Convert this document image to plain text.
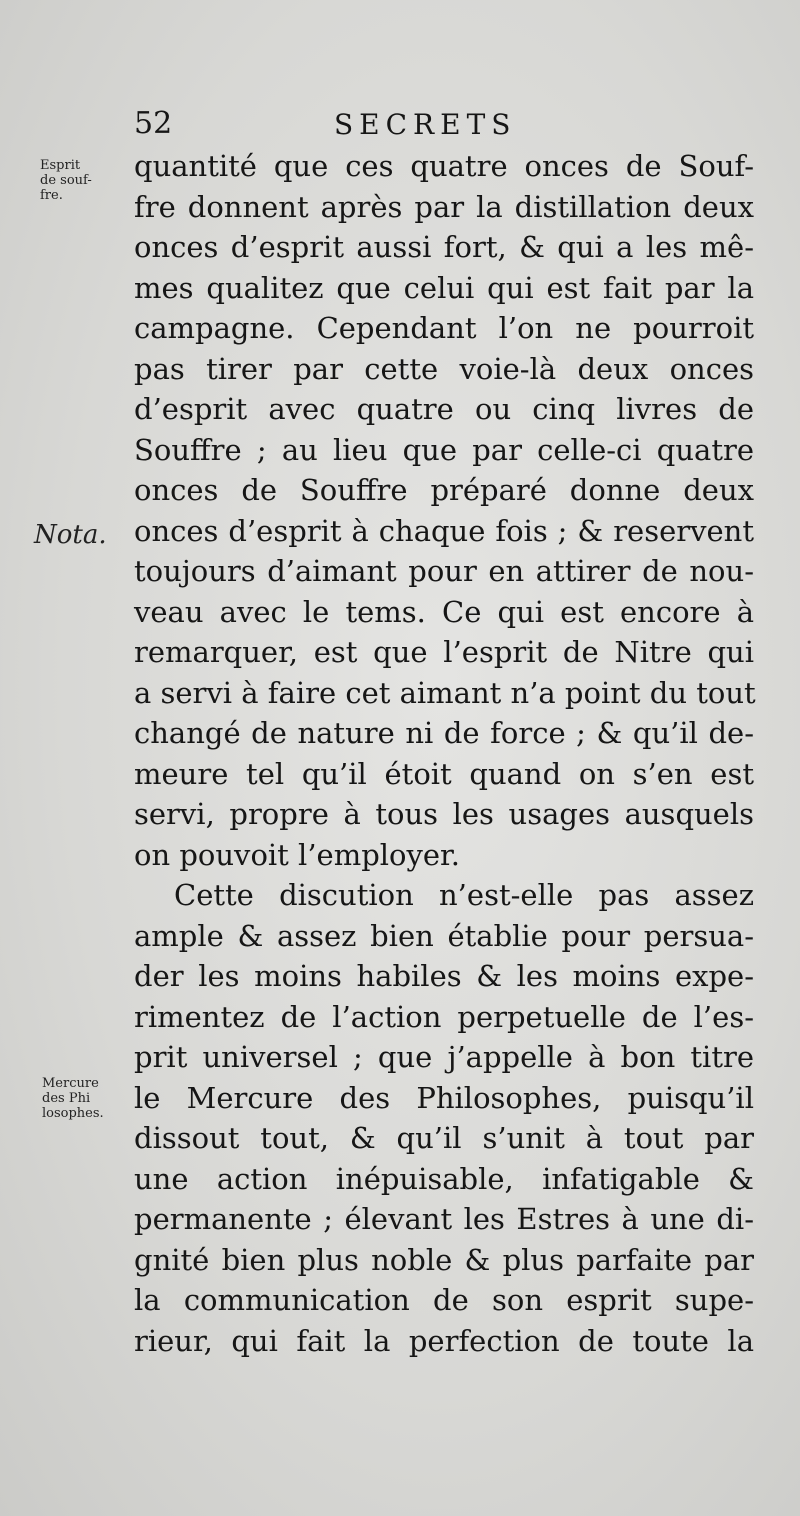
52	SECRETS
Esprit
de souf-
fre.
Nota.
Mercure
des Phi
losophes.
quantité que ces quatre onces de Souf-
fre donnent après par la distillation deux
onces d’esprit aussi fort, & qui a les mê-
mes qualitez que celui qui est fait par la
campagne. Cependant l’on ne pourroit
pas tirer par cette voie-là deux onces
d’esprit avec quatre ou cinq livres de
Souffre ; au lieu que par celle-ci quatre
onces de Souffre préparé donne deux
onces d’esprit à chaque fois ; & reservent
toujours d’aimant pour en attirer de nou-
veau avec le tems. Ce qui est encore à
remarquer, est que l’esprit de Nitre qui
a servi à faire cet aimant n’a point du tout
changé de nature ni de force ; & qu’il de-
meure tel qu’il étoit quand on s’en est
servi, propre à tous les usages ausquels
on pouvoit l’employer.
Cette discution n’est-elle pas assez
ample & assez bien établie pour persua-
der les moins habiles & les moins expe-
rimentez de l’action perpetuelle de l’es-
prit universel ; que j’appelle à bon titre
le Mercure des Philosophes, puisqu’il
dissout tout, & qu’il s’unit à tout par
une action inépuisable, infatigable &
permanente ; élevant les Estres à une di-
gnité bien plus noble & plus parfaite par
la communication de son esprit supe-
rieur, qui fait la perfection de toute la
